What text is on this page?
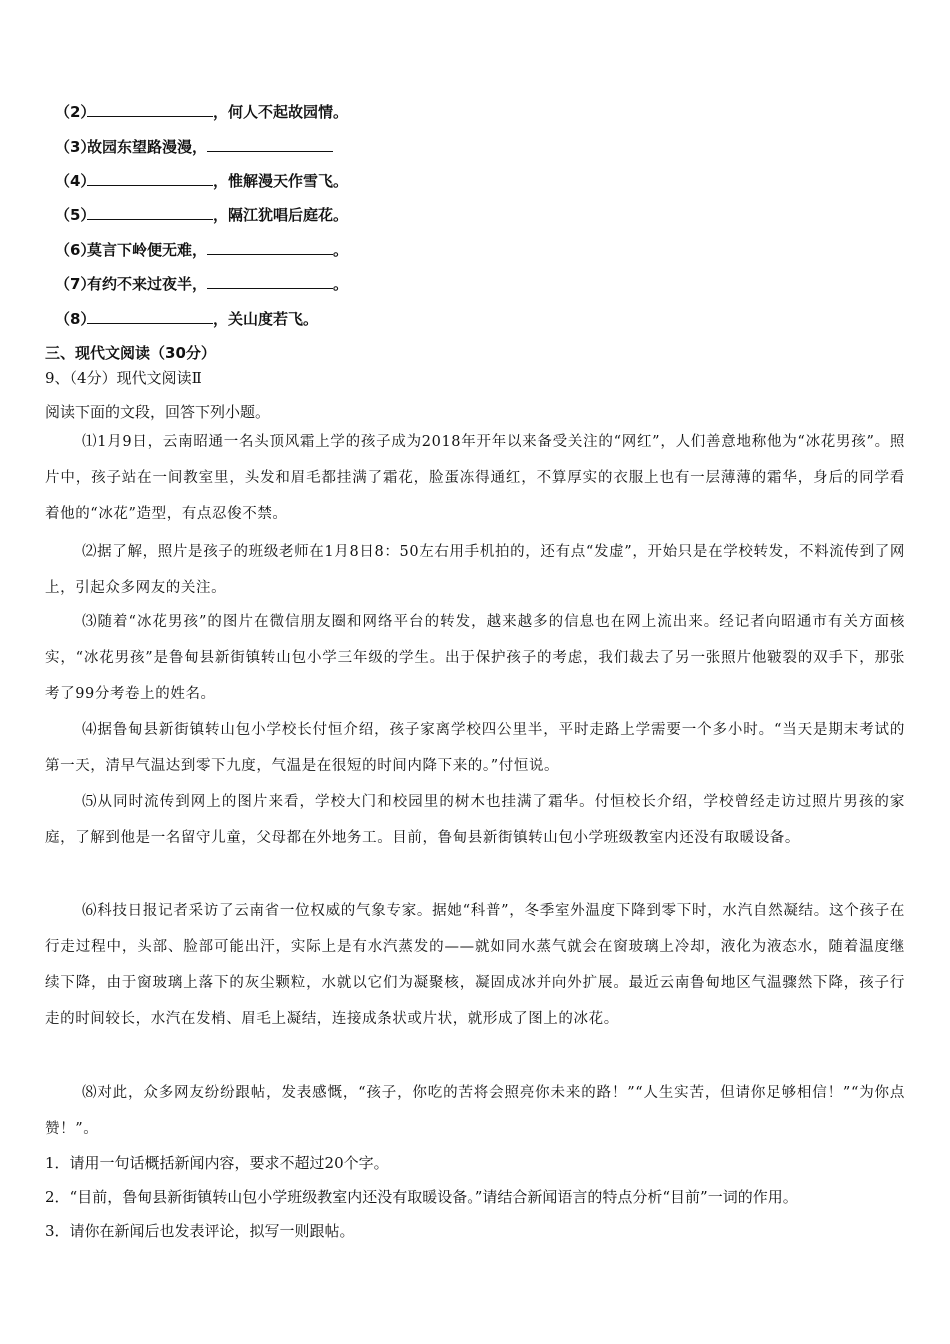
（2）	，何人不起故园情。
（3）故园东望路漫漫，
（4）	，惟解漫天作雪飞。
（5）	，隔江犹唱后庭花。
（6）莫言下岭便无难，	。
（7）有约不来过夜半，	。
（8）	，关山度若飞。
三、现代文阅读（30分）
9、（4分）现代文阅读Ⅱ
阅读下面的文段，回答下列小题。
⑴1月9日，云南昭通一名头顶风霜上学的孩子成为2018年开年以来备受关注的“网红”，人们善意地称他为“冰花男孩”。照片中，孩子站在一间教室里，头发和眉毛都挂满了霜花，脸蛋冻得通红，不算厚实的衣服上也有一层薄薄的霜华，身后的同学看着他的“冰花”造型，有点忍俊不禁。
⑵据了解，照片是孩子的班级老师在1月8日8：50左右用手机拍的，还有点“发虚”，开始只是在学校转发，不料流传到了网上，引起众多网友的关注。
⑶随着“冰花男孩”的图片在微信朋友圈和网络平台的转发，越来越多的信息也在网上流出来。经记者向昭通市有关方面核实，“冰花男孩”是鲁甸县新街镇转山包小学三年级的学生。出于保护孩子的考虑，我们裁去了另一张照片他皲裂的双手下，那张考了99分考卷上的姓名。
⑷据鲁甸县新街镇转山包小学校长付恒介绍，孩子家离学校四公里半，平时走路上学需要一个多小时。“当天是期末考试的第一天，清早气温达到零下九度，气温是在很短的时间内降下来的。”付恒说。
⑸从同时流传到网上的图片来看，学校大门和校园里的树木也挂满了霜华。付恒校长介绍，学校曾经走访过照片男孩的家庭，了解到他是一名留守儿童，父母都在外地务工。目前，鲁甸县新街镇转山包小学班级教室内还没有取暖设备。
⑹科技日报记者采访了云南省一位权威的气象专家。据她“科普”，冬季室外温度下降到零下时，水汽自然凝结。这个孩子在行走过程中，头部、脸部可能出汗，实际上是有水汽蒸发的——就如同水蒸气就会在窗玻璃上冷却，液化为液态水，随着温度继续下降，由于窗玻璃上落下的灰尘颗粒，水就以它们为凝聚核，凝固成冰并向外扩展。最近云南鲁甸地区气温骤然下降，孩子行走的时间较长，水汽在发梢、眉毛上凝结，连接成条状或片状，就形成了图上的冰花。
⑻对此，众多网友纷纷跟帖，发表感慨，“孩子，你吃的苦将会照亮你未来的路！”“人生实苦，但请你足够相信！”“为你点赞！”。
1．请用一句话概括新闻内容，要求不超过20个字。
2．“目前，鲁甸县新街镇转山包小学班级教室内还没有取暖设备。”请结合新闻语言的特点分析“目前”一词的作用。
3．请你在新闻后也发表评论，拟写一则跟帖。
